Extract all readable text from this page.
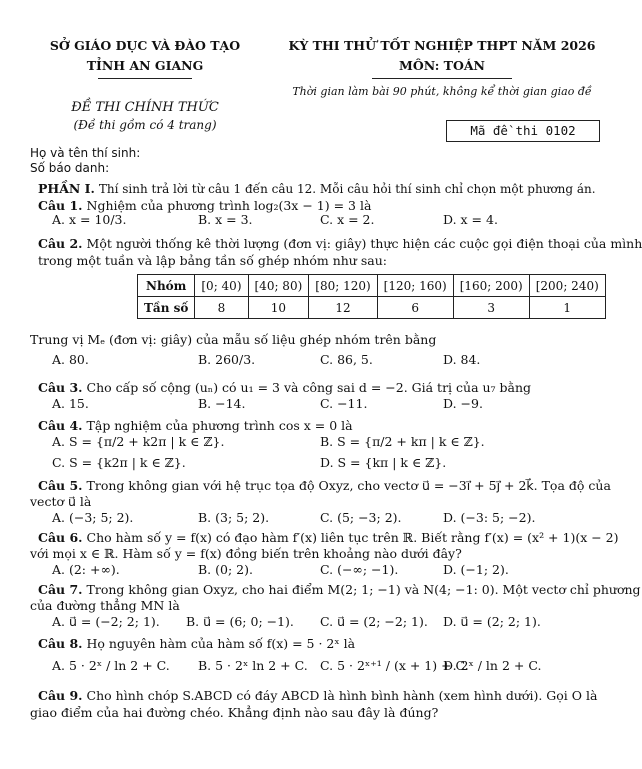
SỞ GIÁO DỤC VÀ ĐÀO TẠO
TỈNH AN GIANG
KỲ THI THỬ TỐT NGHIỆP THPT NĂM 2026
MÔN: TOÁN
Thời gian làm bài 90 phút, không kể thời gian giao đề
ĐỀ THI CHÍNH THỨC
(Đề thi gồm có 4 trang)	Mã đề thi 0102
Họ và tên thí sinh:
Số báo danh:
PHẦN I. Thí sinh trả lời từ câu 1 đến câu 12. Mỗi câu hỏi thí sinh chỉ chọn một phương án.
Câu 1. Nghiệm của phương trình log₂(3x − 1) = 3 là
A. x = 10/3.	B. x = 3.	C. x = 2.	D. x = 4.
Câu 2. Một người thống kê thời lượng (đơn vị: giây) thực hiện các cuộc gọi điện thoại của mình
trong một tuần và lập bảng tần số ghép nhóm như sau:
Nhóm	[0; 40)	[40; 80)	[80; 120)	[120; 160)	[160; 200)	[200; 240)
Tần số	8	10	12	6	3	1
Trung vị Mₑ (đơn vị: giây) của mẫu số liệu ghép nhóm trên bằng
A. 80.	B. 260/3.	C. 86, 5.	D. 84.
Câu 3. Cho cấp số cộng (uₙ) có u₁ = 3 và công sai d = −2. Giá trị của u₇ bằng
A. 15.	B. −14.	C. −11.	D. −9.
Câu 4. Tập nghiệm của phương trình cos x = 0 là
A. S = {π/2 + k2π | k ∈ ℤ}.	B. S = {π/2 + kπ | k ∈ ℤ}.
C. S = {k2π | k ∈ ℤ}.	D. S = {kπ | k ∈ ℤ}.
Câu 5. Trong không gian với hệ trục tọa độ Oxyz, cho vectơ u⃗ = −3i⃗ + 5j⃗ + 2k⃗. Tọa độ của
vectơ u⃗ là
A. (−3; 5; 2).	B. (3; 5; 2).	C. (5; −3; 2).	D. (−3: 5; −2).
Câu 6. Cho hàm số y = f(x) có đạo hàm f′(x) liên tục trên ℝ. Biết rằng f′(x) = (x² + 1)(x − 2)
với mọi x ∈ ℝ. Hàm số y = f(x) đồng biến trên khoảng nào dưới đây?
A. (2: +∞).	B. (0; 2).	C. (−∞; −1).	D. (−1; 2).
Câu 7. Trong không gian Oxyz, cho hai điểm M(2; 1; −1) và N(4; −1: 0). Một vectơ chỉ phương
của đường thẳng MN là
A. u⃗ = (−2; 2; 1). B. u⃗ = (6; 0; −1). C. u⃗ = (2; −2; 1). D. u⃗ = (2; 2; 1).
Câu 8. Họ nguyên hàm của hàm số f(x) = 5 · 2ˣ là
A. 5 · 2ˣ / ln 2 + C. B. 5 · 2ˣ ln 2 + C. C. 5 · 2ˣ⁺¹ / (x + 1) + C.
D. 2ˣ / ln 2 + C.
Câu 9. Cho hình chóp S.ABCD có đáy ABCD là hình bình hành (xem hình dưới). Gọi O là
giao điểm của hai đường chéo. Khẳng định nào sau đây là đúng?
